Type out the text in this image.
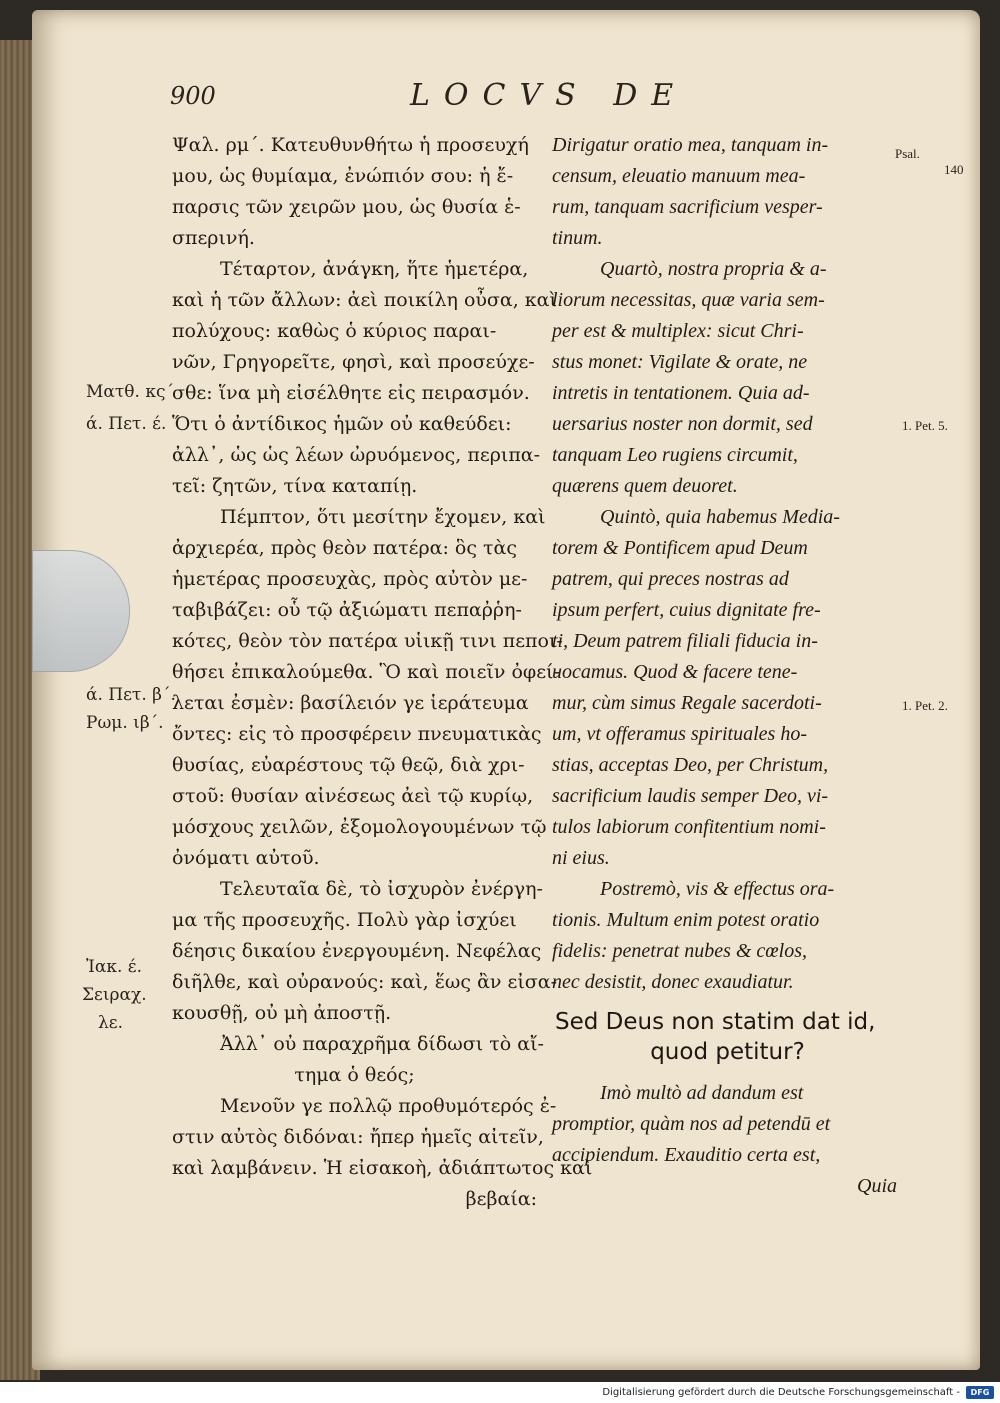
900	LOCVS DE
Ψαλ. ρμ΄. Κατευθυνθήτω ἡ προσευχή
μου, ὡς θυμίαμα, ἐνώπιόν σου: ἡ ἔ-
παρσις τῶν χειρῶν μου, ὡς θυσία ἑ-
σπερινή.
Τέταρτον, ἀνάγκη, ἥτε ἡμετέρα,
καὶ ἡ τῶν ἄλλων: ἀεὶ ποικίλη οὖσα, καὶ
πολύχους: καθὼς ὁ κύριος παραι-
νῶν, Γρηγορεῖτε, φησὶ, καὶ προσεύχε-
σθε: ἵνα μὴ εἰσέλθητε εἰς πειρασμόν.
Ὅτι ὁ ἀντίδικος ἡμῶν οὐ καθεύδει:
ἀλλ᾽, ὡς ὡς λέων ὠρυόμενος, περιπα-
τεῖ: ζητῶν, τίνα καταπίῃ.
Πέμπτον, ὅτι μεσίτην ἔχομεν, καὶ
ἀρχιερέα, πρὸς θεὸν πατέρα: ὃς τὰς
ἡμετέρας προσευχὰς, πρὸς αὐτὸν με-
ταβιβάζει: οὗ τῷ ἀξιώματι πεπαῤῥη-
κότες, θεὸν τὸν πατέρα υἱικῇ τινι πεποι-
θήσει ἐπικαλούμεθα. Ὃ καὶ ποιεῖν ὀφεί-
λεται ἐσμὲν: βασίλειόν γε ἱεράτευμα
ὄντες: εἰς τὸ προσφέρειν πνευματικὰς
θυσίας, εὐαρέστους τῷ θεῷ, διὰ χρι-
στοῦ: θυσίαν αἰνέσεως ἀεὶ τῷ κυρίῳ,
μόσχους χειλῶν, ἐξομολογουμένων τῷ
ὀνόματι αὐτοῦ.
Τελευταῖα δὲ, τὸ ἰσχυρὸν ἐνέργη-
μα τῆς προσευχῆς. Πολὺ γὰρ ἰσχύει
δέησις δικαίου ἐνεργουμένη. Νεφέλας
διῆλθε, καὶ οὐρανούς: καὶ, ἕως ἂν εἰσα-
κουσθῇ, οὐ μὴ ἀποστῇ.
Ἀλλ᾽ οὐ παραχρῆμα δίδωσι τὸ αἴ-
τημα ὁ θεός;
Μενοῦν γε πολλῷ προθυμότερός ἐ-
στιν αὐτὸς διδόναι: ἤπερ ἡμεῖς αἰτεῖν,
καὶ λαμβάνειν. Ἡ εἰσακοὴ, ἀδιάπτωτος καὶ
βεβαία:
Dirigatur oratio mea, tanquam in-
censum, eleuatio manuum mea-
rum, tanquam sacrificium vesper-
tinum.
Quartò, nostra propria & a-
liorum necessitas, quæ varia sem-
per est & multiplex: sicut Chri-
stus monet: Vigilate & orate, ne
intretis in tentationem. Quia ad-
uersarius noster non dormit, sed
tanquam Leo rugiens circumit,
quærens quem deuoret.
Quintò, quia habemus Media-
torem & Pontificem apud Deum
patrem, qui preces nostras ad
ipsum perfert, cuius dignitate fre-
ti, Deum patrem filiali fiducia in-
uocamus. Quod & facere tene-
mur, cùm simus Regale sacerdoti-
um, vt offeramus spirituales ho-
stias, acceptas Deo, per Christum,
sacrificium laudis semper Deo, vi-
tulos labiorum confitentium nomi-
ni eius.
Postremò, vis & effectus ora-
tionis. Multum enim potest oratio
fidelis: penetrat nubes & cœlos,
nec desistit, donec exaudiatur.
Sed Deus non statim dat id,
quod petitur?
Imò multò ad dandum est
promptior, quàm nos ad petendū et
accipiendum. Exauditio certa est,
Quia
Psal.
140
1. Pet. 5.
1. Pet. 2.
Ματθ. κς΄
ά. Πετ. έ.
ά. Πετ. β΄.
Ρωμ. ιβ΄.
Ἰακ. έ.
Σειραχ.
λε.
Digitalisierung gefördert durch die Deutsche Forschungsgemeinschaft -	DFG
